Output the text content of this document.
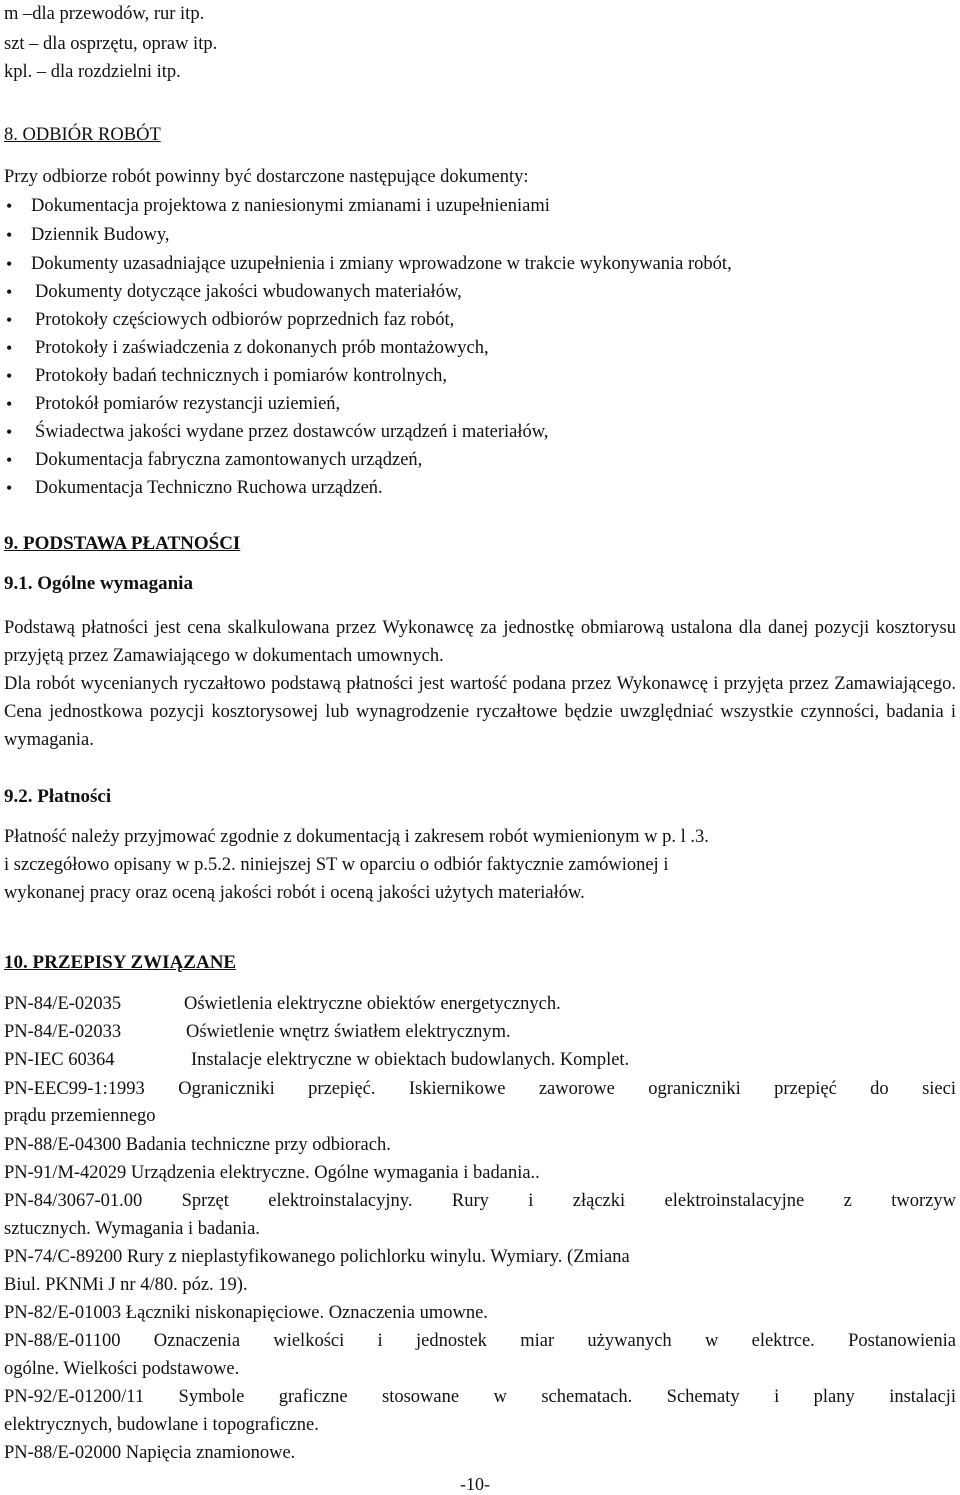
m –dla przewodów, rur itp.
szt – dla osprzętu, opraw itp.
kpl. – dla rozdzielni itp.
8. ODBIÓR ROBÓT
Przy odbiorze robót powinny być dostarczone następujące dokumenty:
• Dokumentacja projektowa z naniesionymi zmianami i uzupełnieniami
• Dziennik Budowy,
• Dokumenty uzasadniające uzupełnienia i zmiany wprowadzone w trakcie wykonywania robót,
• Dokumenty dotyczące jakości wbudowanych materiałów,
• Protokoły częściowych odbiorów poprzednich faz robót,
• Protokoły i zaświadczenia z dokonanych prób montażowych,
• Protokoły badań technicznych i pomiarów kontrolnych,
• Protokół pomiarów rezystancji uziemień,
• Świadectwa jakości wydane przez dostawców urządzeń i materiałów,
• Dokumentacja fabryczna zamontowanych urządzeń,
• Dokumentacja Techniczno Ruchowa urządzeń.
9. PODSTAWA PŁATNOŚCI
9.1. Ogólne wymagania
Podstawą płatności jest cena skalkulowana przez Wykonawcę za jednostkę obmiarową ustalona dla danej pozycji kosztorysu przyjętą przez Zamawiającego w dokumentach umownych.
Dla robót wycenianych ryczałtowo podstawą płatności jest wartość podana przez Wykonawcę i przyjęta przez Zamawiającego. Cena jednostkowa pozycji kosztorysowej lub wynagrodzenie ryczałtowe będzie uwzględniać wszystkie czynności, badania i wymagania.
9.2. Płatności
Płatność należy przyjmować zgodnie z dokumentacją i zakresem robót wymienionym w p. l .3.
i szczegółowo opisany w p.5.2. niniejszej ST w oparciu o odbiór faktycznie zamówionej i
wykonanej pracy oraz oceną jakości robót i oceną jakości użytych materiałów.
10. PRZEPISY ZWIĄZANE
PN-84/E-02035	Oświetlenia elektryczne obiektów energetycznych.
PN-84/E-02033	Oświetlenie wnętrz światłem elektrycznym.
PN-IEC 60364	Instalacje elektryczne w obiektach budowlanych. Komplet.
PN-EEC99-1:1993 Ograniczniki przepięć. Iskiernikowe zaworowe ograniczniki przepięć do sieci
prądu przemiennego
PN-88/E-04300 Badania techniczne przy odbiorach.
PN-91/M-42029 Urządzenia elektryczne. Ogólne wymagania i badania..
PN-84/3067-01.00 Sprzęt elektroinstalacyjny. Rury i złączki elektroinstalacyjne z tworzyw
sztucznych. Wymagania i badania.
PN-74/C-89200 Rury z nieplastyfikowanego polichlorku winylu. Wymiary. (Zmiana
Biul. PKNMi J nr 4/80. póz. 19).
PN-82/E-01003 Łączniki niskonapięciowe. Oznaczenia umowne.
PN-88/E-01100 Oznaczenia wielkości i jednostek miar używanych w elektrce. Postanowienia
ogólne. Wielkości podstawowe.
PN-92/E-01200/11 Symbole graficzne stosowane w schematach. Schematy i plany instalacji
elektrycznych, budowlane i topograficzne.
PN-88/E-02000 Napięcia znamionowe.
-10-
